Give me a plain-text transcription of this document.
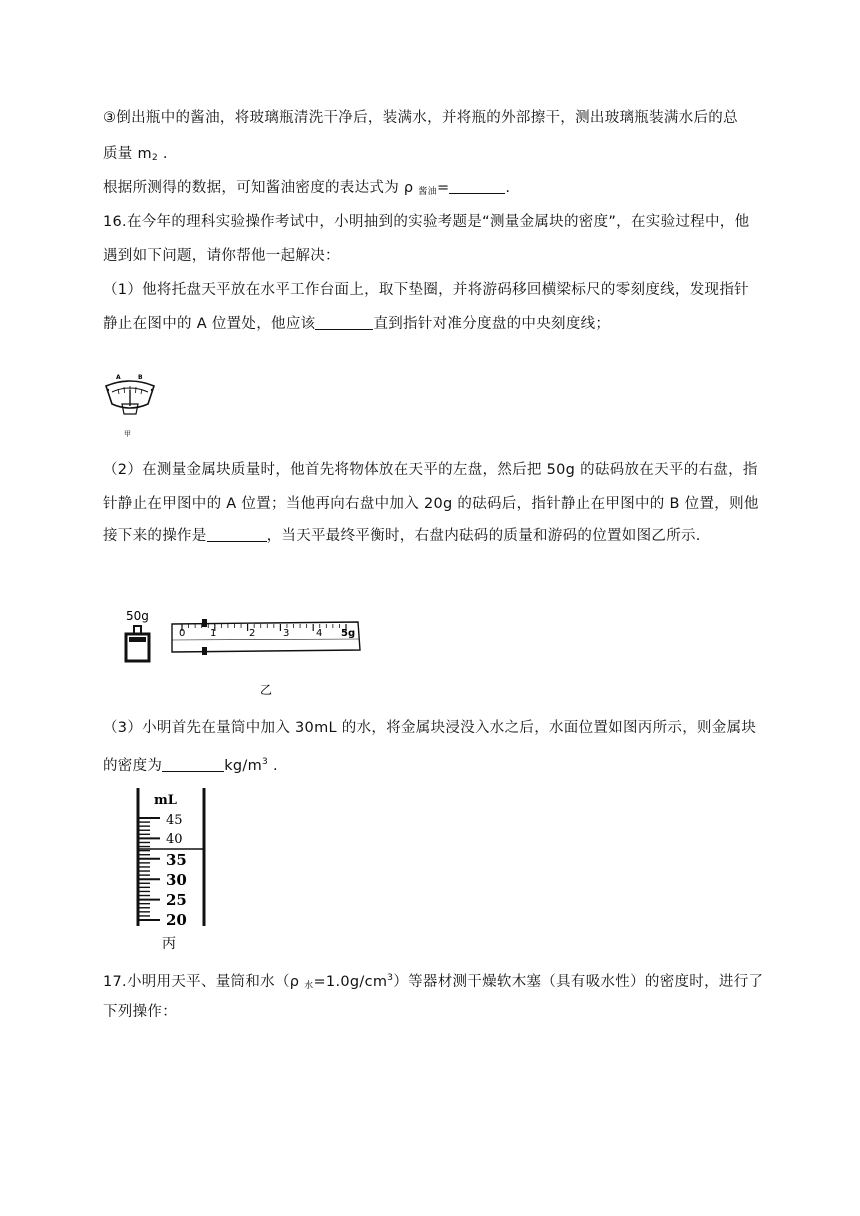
③倒出瓶中的酱油，将玻璃瓶清洗干净后，装满水，并将瓶的外部擦干，测出玻璃瓶装满水后的总
质量 $m_2$ .
根据所测得的数据，可知酱油密度的表达式为 ρ $_{酱油}$=	.
16.在今年的理科实验操作考试中，小明抽到的实验考题是“测量金属块的密度”，在实验过程中，他
遇到如下问题，请你帮他一起解决：
（1）他将托盘天平放在水平工作台面上，取下垫圈，并将游码移回横梁标尺的零刻度线，发现指针
静止在图中的 A 位置处，他应该	直到指针对准分度盘的中央刻度线；
A	B
甲
（2）在测量金属块质量时，他首先将物体放在天平的左盘，然后把 50g 的砝码放在天平的右盘，指
针静止在甲图中的 A 位置；当他再向右盘中加入 20g 的砝码后，指针静止在甲图中的 B 位置，则他
接下来的操作是	，当天平最终平衡时，右盘内砝码的质量和游码的位置如图乙所示.
50g
0 1	2	3	4 5g
乙
（3）小明首先在量筒中加入 30mL 的水，将金属块浸没入水之后，水面位置如图丙所示，则金属块
的密度为	$kg/m^3$ .
mL
45
40
35
30
25
20
丙
17.小明用天平、量筒和水（ρ $_水=1.0g/cm^3$）等器材测干燥软木塞（具有吸水性）的密度时，进行了
下列操作：
